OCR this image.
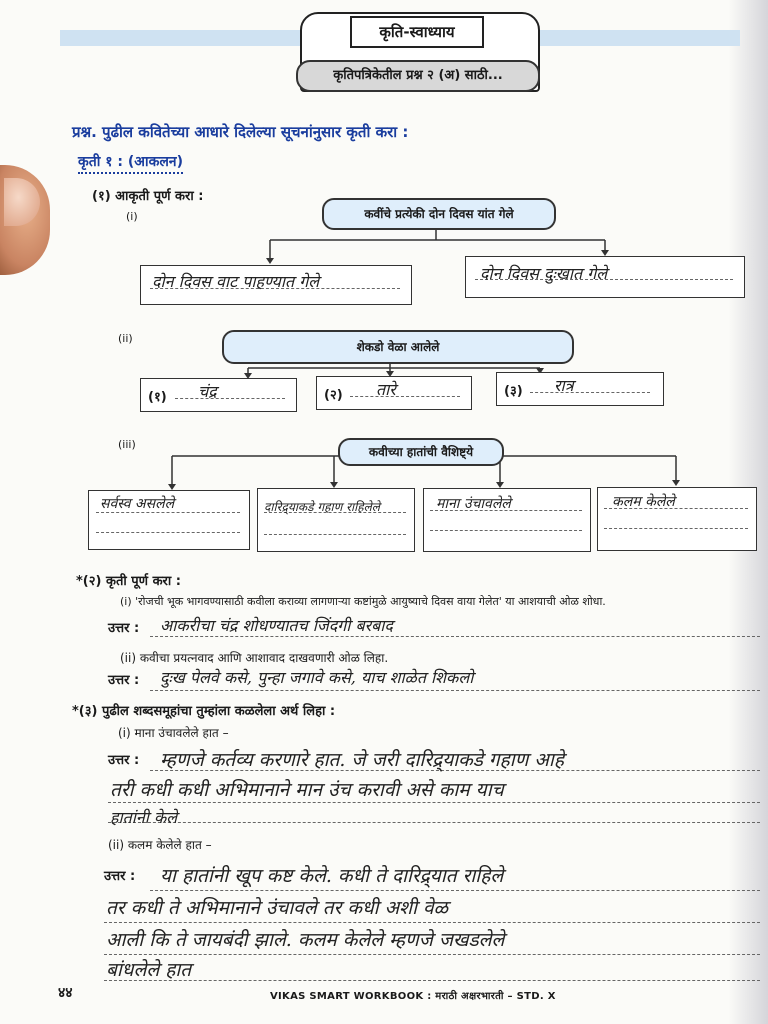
कृति-स्वाध्याय
कृतिपत्रिकेतील प्रश्न २ (अ) साठी...
प्रश्न. पुढील कवितेच्या आधारे दिलेल्या सूचनांनुसार कृती करा :
कृती १ : (आकलन)
(१) आकृती पूर्ण करा :
(i)	कवींचे प्रत्येकी दोन दिवस यांत गेले
दोन दिवस वाट पाहण्यात गेले	दोन दिवस दुःखात गेले
(ii)
शेकडो वेळा आलेले
(१) चंद्र	(२) तारे	(३) रात्र
(iii)
कवीच्या हातांची वैशिष्ट्ये
सर्वस्व असलेले	दारिद्र्याकडे गहाण राहिलेले	माना उंचावलेले	कलम केलेले
*(२) कृती पूर्ण करा :
(i) 'रोजची भूक भागवण्यासाठी कवीला कराव्या लागणाऱ्या कष्टांमुळे आयुष्याचे दिवस वाया गेलेत' या आशयाची ओळ शोधा.
उत्तर : आकरीचा चंद्र शोधण्यातच जिंदगी बरबाद
(ii) कवीचा प्रयत्नवाद आणि आशावाद दाखवणारी ओळ लिहा.
उत्तर : दुःख पेलवे कसे, पुन्हा जगावे कसे, याच शाळेत शिकलो
*(३) पुढील शब्दसमूहांचा तुम्हांला कळलेला अर्थ लिहा :
(i) माना उंचावलेले हात –
उत्तर : म्हणजे कर्तव्य करणारे हात. जे जरी दारिद्र्याकडे गहाण आहे
तरी कधी कधी अभिमानाने मान उंच करावी असे काम याच
हातांनी केले
(ii) कलम केलेले हात –
उत्तर : या हातांनी खूप कष्ट केले. कधी ते दारिद्र्यात राहिले
तर कधी ते अभिमानाने उंचावले तर कधी अशी वेळ
आली कि ते जायबंदी झाले. कलम केलेले म्हणजे जखडलेले
बांधलेले हात
४४	VIKAS SMART WORKBOOK : मराठी अक्षरभारती – STD. X
